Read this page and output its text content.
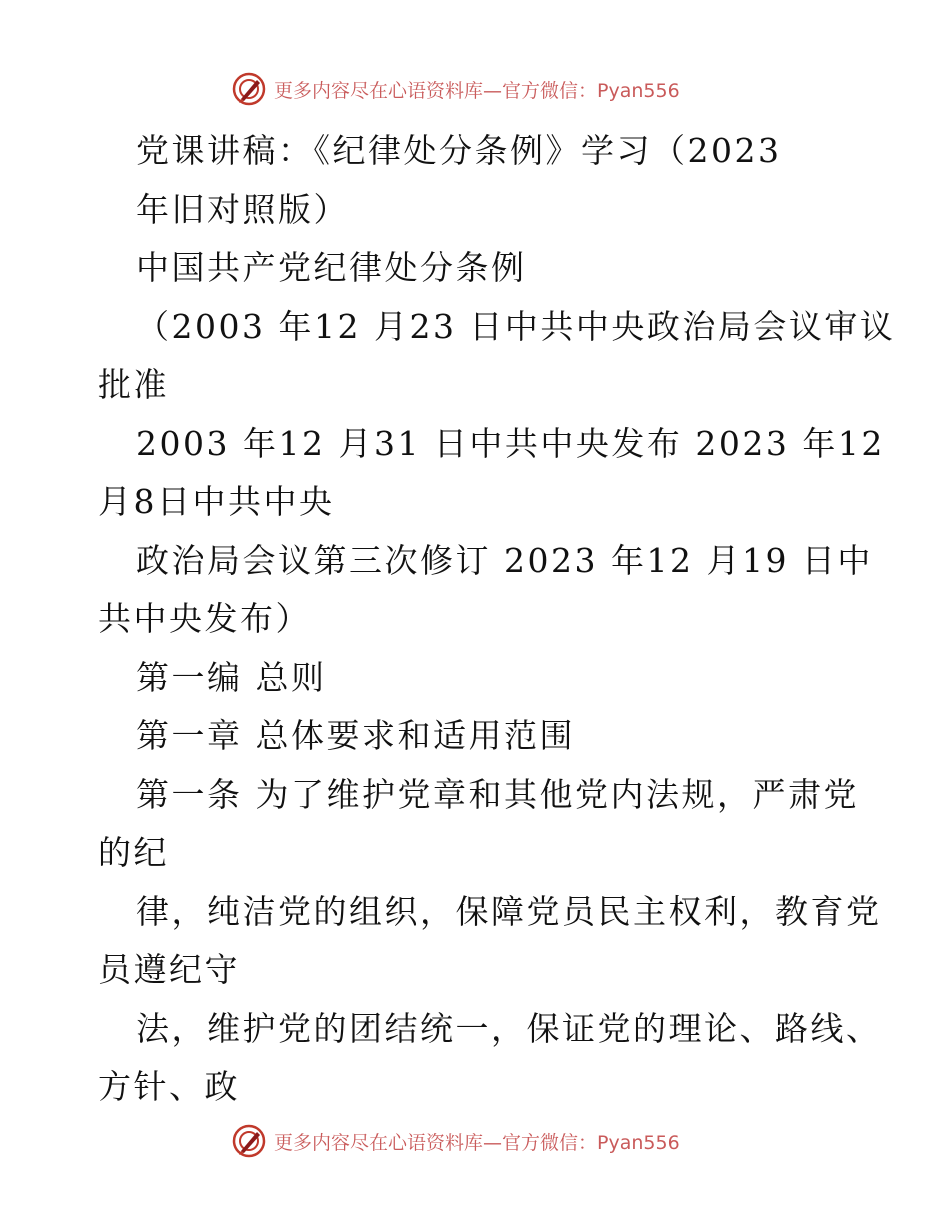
更多内容尽在心语资料库—官方微信：Pyan556
党课讲稿：《纪律处分条例》学习（2023
年旧对照版）
中国共产党纪律处分条例
（2003 年12 月23 日中共中央政治局会议审议
批准
2003 年12 月31 日中共中央发布 2023 年12
月8日中共中央
政治局会议第三次修订 2023 年12 月19 日中
共中央发布）
第一编 总则
第一章 总体要求和适用范围
第一条 为了维护党章和其他党内法规，严肃党
的纪
律，纯洁党的组织，保障党员民主权利，教育党
员遵纪守
法，维护党的团结统一，保证党的理论、路线、
方针、政
更多内容尽在心语资料库—官方微信：Pyan556
